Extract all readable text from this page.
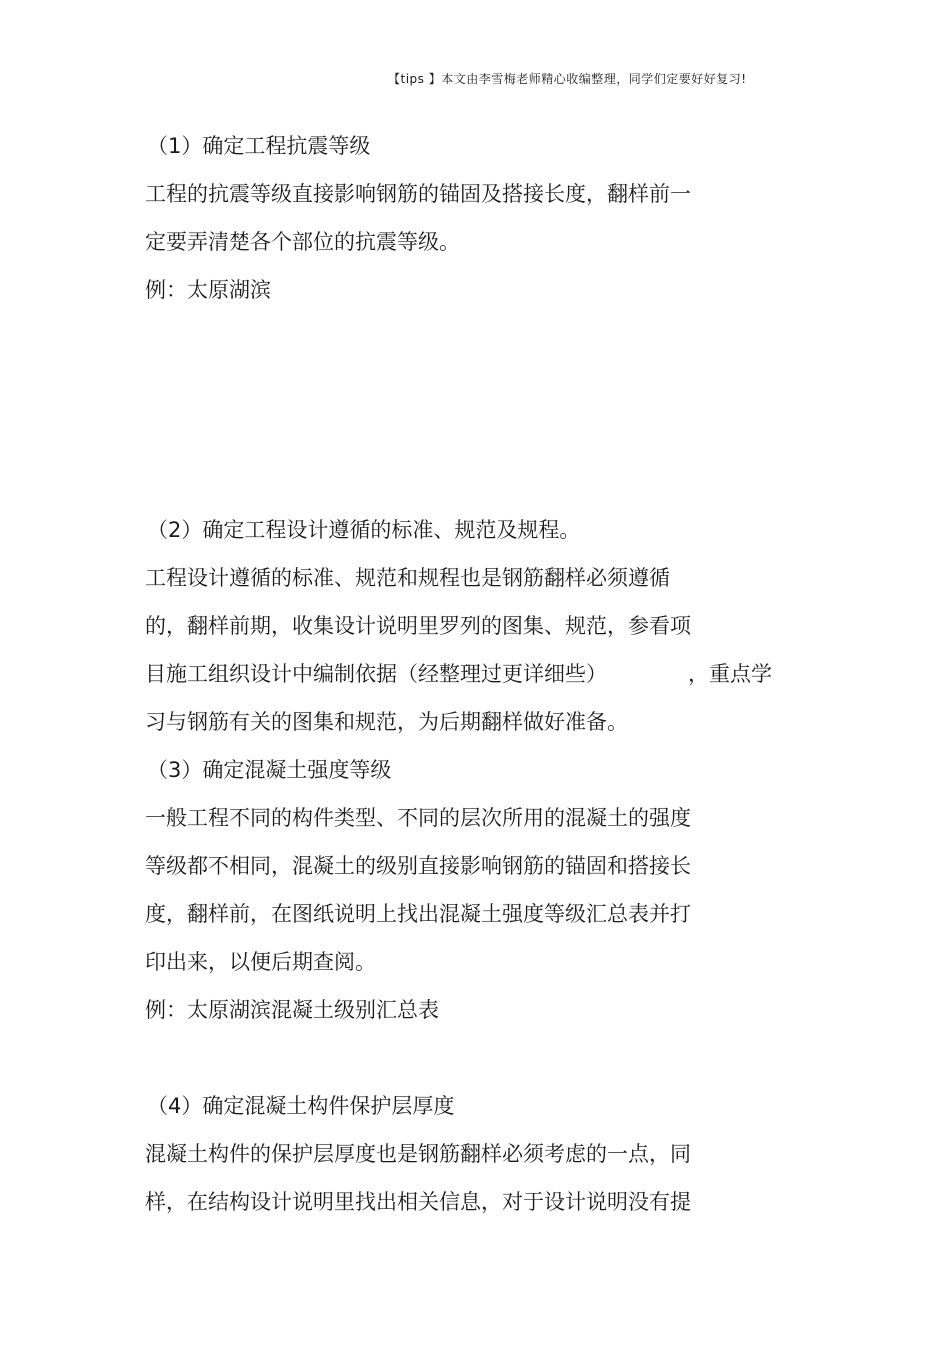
【tips 】本文由李雪梅老师精心收编整理，同学们定要好好复习!
（1）确定工程抗震等级
工程的抗震等级直接影响钢筋的锚固及搭接长度，翻样前一
定要弄清楚各个部位的抗震等级。
例：太原湖滨
（2）确定工程设计遵循的标准、规范及规程。
工程设计遵循的标准、规范和规程也是钢筋翻样必须遵循
的，翻样前期，收集设计说明里罗列的图集、规范，参看项
目施工组织设计中编制依据（经整理过更详细些）	，重点学
习与钢筋有关的图集和规范，为后期翻样做好准备。
（3）确定混凝土强度等级
一般工程不同的构件类型、不同的层次所用的混凝土的强度
等级都不相同，混凝土的级别直接影响钢筋的锚固和搭接长
度，翻样前，在图纸说明上找出混凝土强度等级汇总表并打
印出来，以便后期查阅。
例：太原湖滨混凝土级别汇总表
（4）确定混凝土构件保护层厚度
混凝土构件的保护层厚度也是钢筋翻样必须考虑的一点，同
样，在结构设计说明里找出相关信息，对于设计说明没有提
